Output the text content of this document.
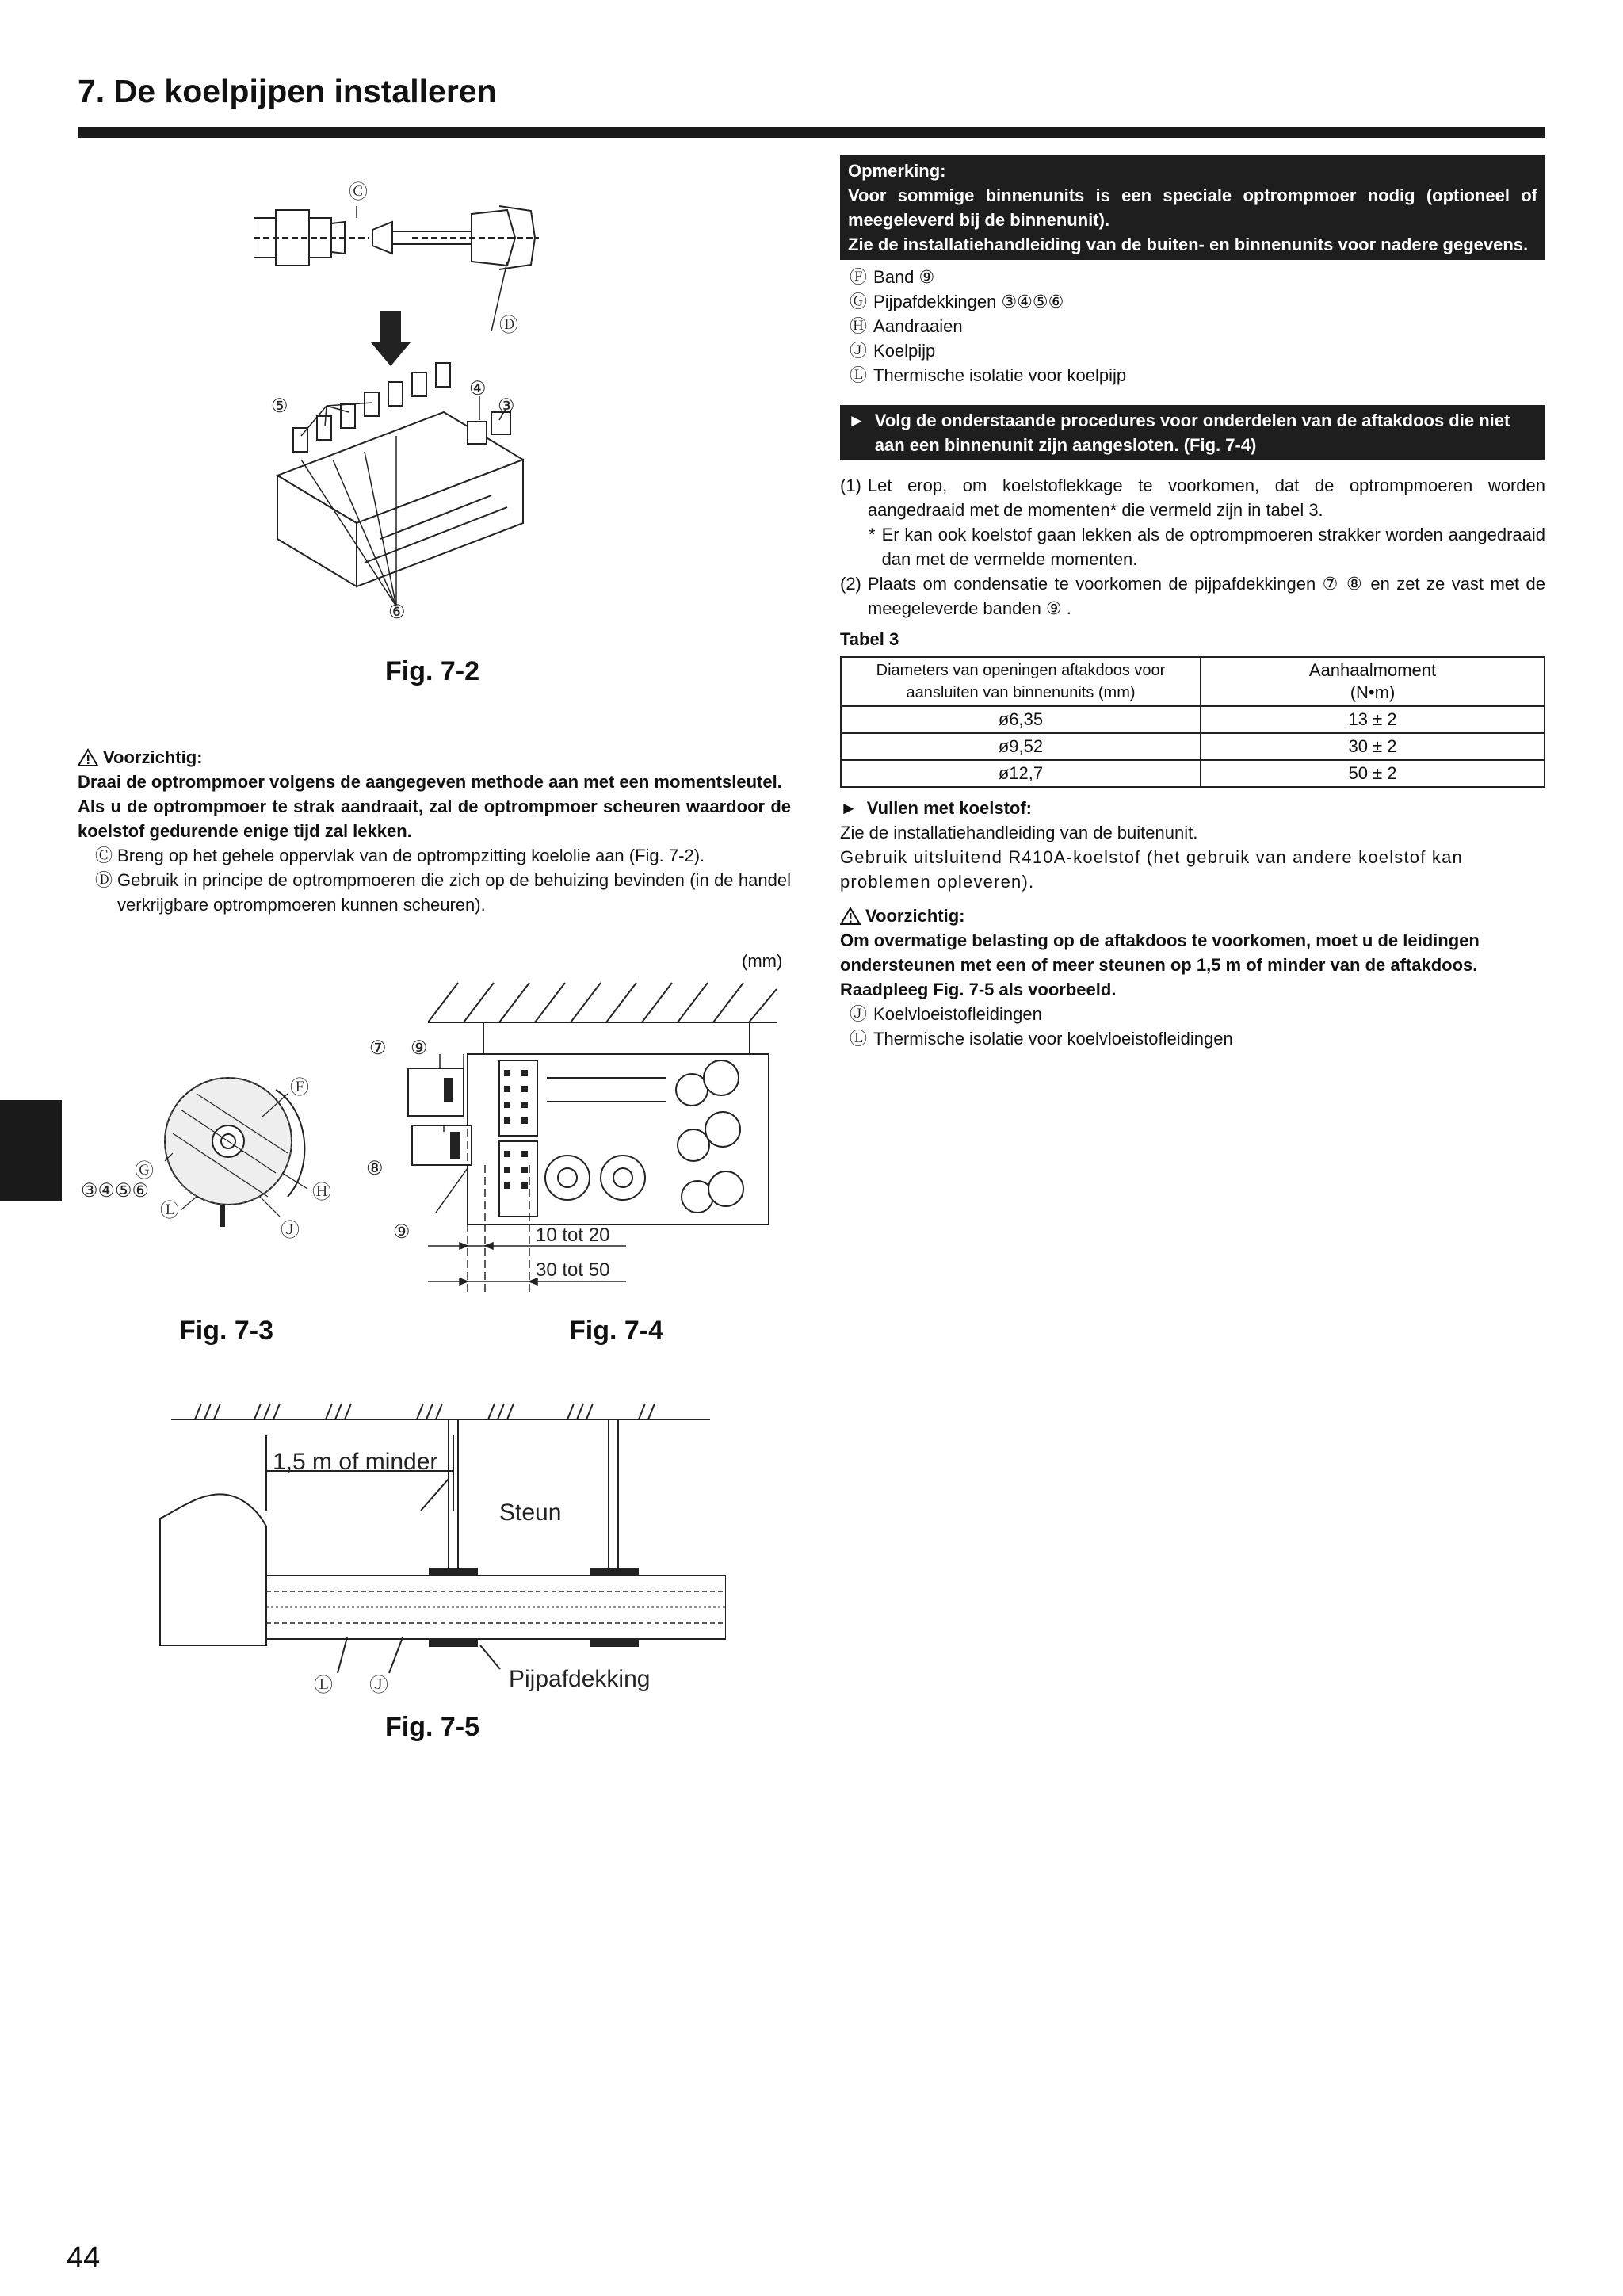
7. De koelpijpen installeren
Ⓒ
Ⓓ
④
③
⑤
⑥
Fig. 7-2
Voorzichtig:

Draai de optrompmoer volgens de aangegeven methode aan met een momentsleutel.

Als u de optrompmoer te strak aandraait, zal de optrompmoer scheuren waardoor de koelstof gedurende enige tijd zal lekken.

Ⓒ Breng op het gehele oppervlak van de optrompzitting koelolie aan (Fig. 7-2).
Ⓓ Gebruik in principe de optrompmoeren die zich op de behuizing bevinden (in de handel verkrijgbare optrompmoeren kunnen scheuren).
(mm)
Ⓕ
Ⓖ
③④⑤⑥
Ⓛ
Ⓗ
Ⓙ
⑦ ⑨
⑧
⑨	10 tot 20
30 tot 50
Fig. 7-3	Fig. 7-4
1,5 m of minder
Steun
Pijpafdekking
Ⓛ Ⓙ
Fig. 7-5
Opmerking:
Voor sommige binnenunits is een speciale optrompmoer nodig (optioneel of meegeleverd bij de binnenunit).
Zie de installatiehandleiding van de buiten- en binnenunits voor nadere gegevens.
Ⓕ Band ⑨
Ⓖ Pijpafdekkingen ③④⑤⑥
Ⓗ Aandraaien
Ⓙ Koelpijp
Ⓛ Thermische isolatie voor koelpijp
► Volg de onderstaande procedures voor onderdelen van de aftakdoos die niet aan een binnenunit zijn aangesloten. (Fig. 7-4)
(1) Let erop, om koelstoflekkage te voorkomen, dat de optrompmoeren worden aangedraaid met de momenten* die vermeld zijn in tabel 3.
* Er kan ook koelstof gaan lekken als de optrompmoeren strakker worden aangedraaid dan met de vermelde momenten.
(2) Plaats om condensatie te voorkomen de pijpafdekkingen ⑦ ⑧ en zet ze vast met de meegeleverde banden ⑨ .
Tabel 3
Diameters van openingen aftakdoos voor aansluiten van binnenunits (mm)	Aanhaalmoment
(N•m)

ø6,35	13 ± 2
ø9,52	30 ± 2
ø12,7	50 ± 2
► Vullen met koelstof:

Zie de installatiehandleiding van de buitenunit.

Gebruik uitsluitend R410A-koelstof (het gebruik van andere koelstof kan problemen opleveren).

Voorzichtig:

Om overmatige belasting op de aftakdoos te voorkomen, moet u de leidingen ondersteunen met een of meer steunen op 1,5 m of minder van de aftakdoos. Raadpleeg Fig. 7-5 als voorbeeld.

Ⓙ Koelvloeistofleidingen
Ⓛ Thermische isolatie voor koelvloeistofleidingen
44
